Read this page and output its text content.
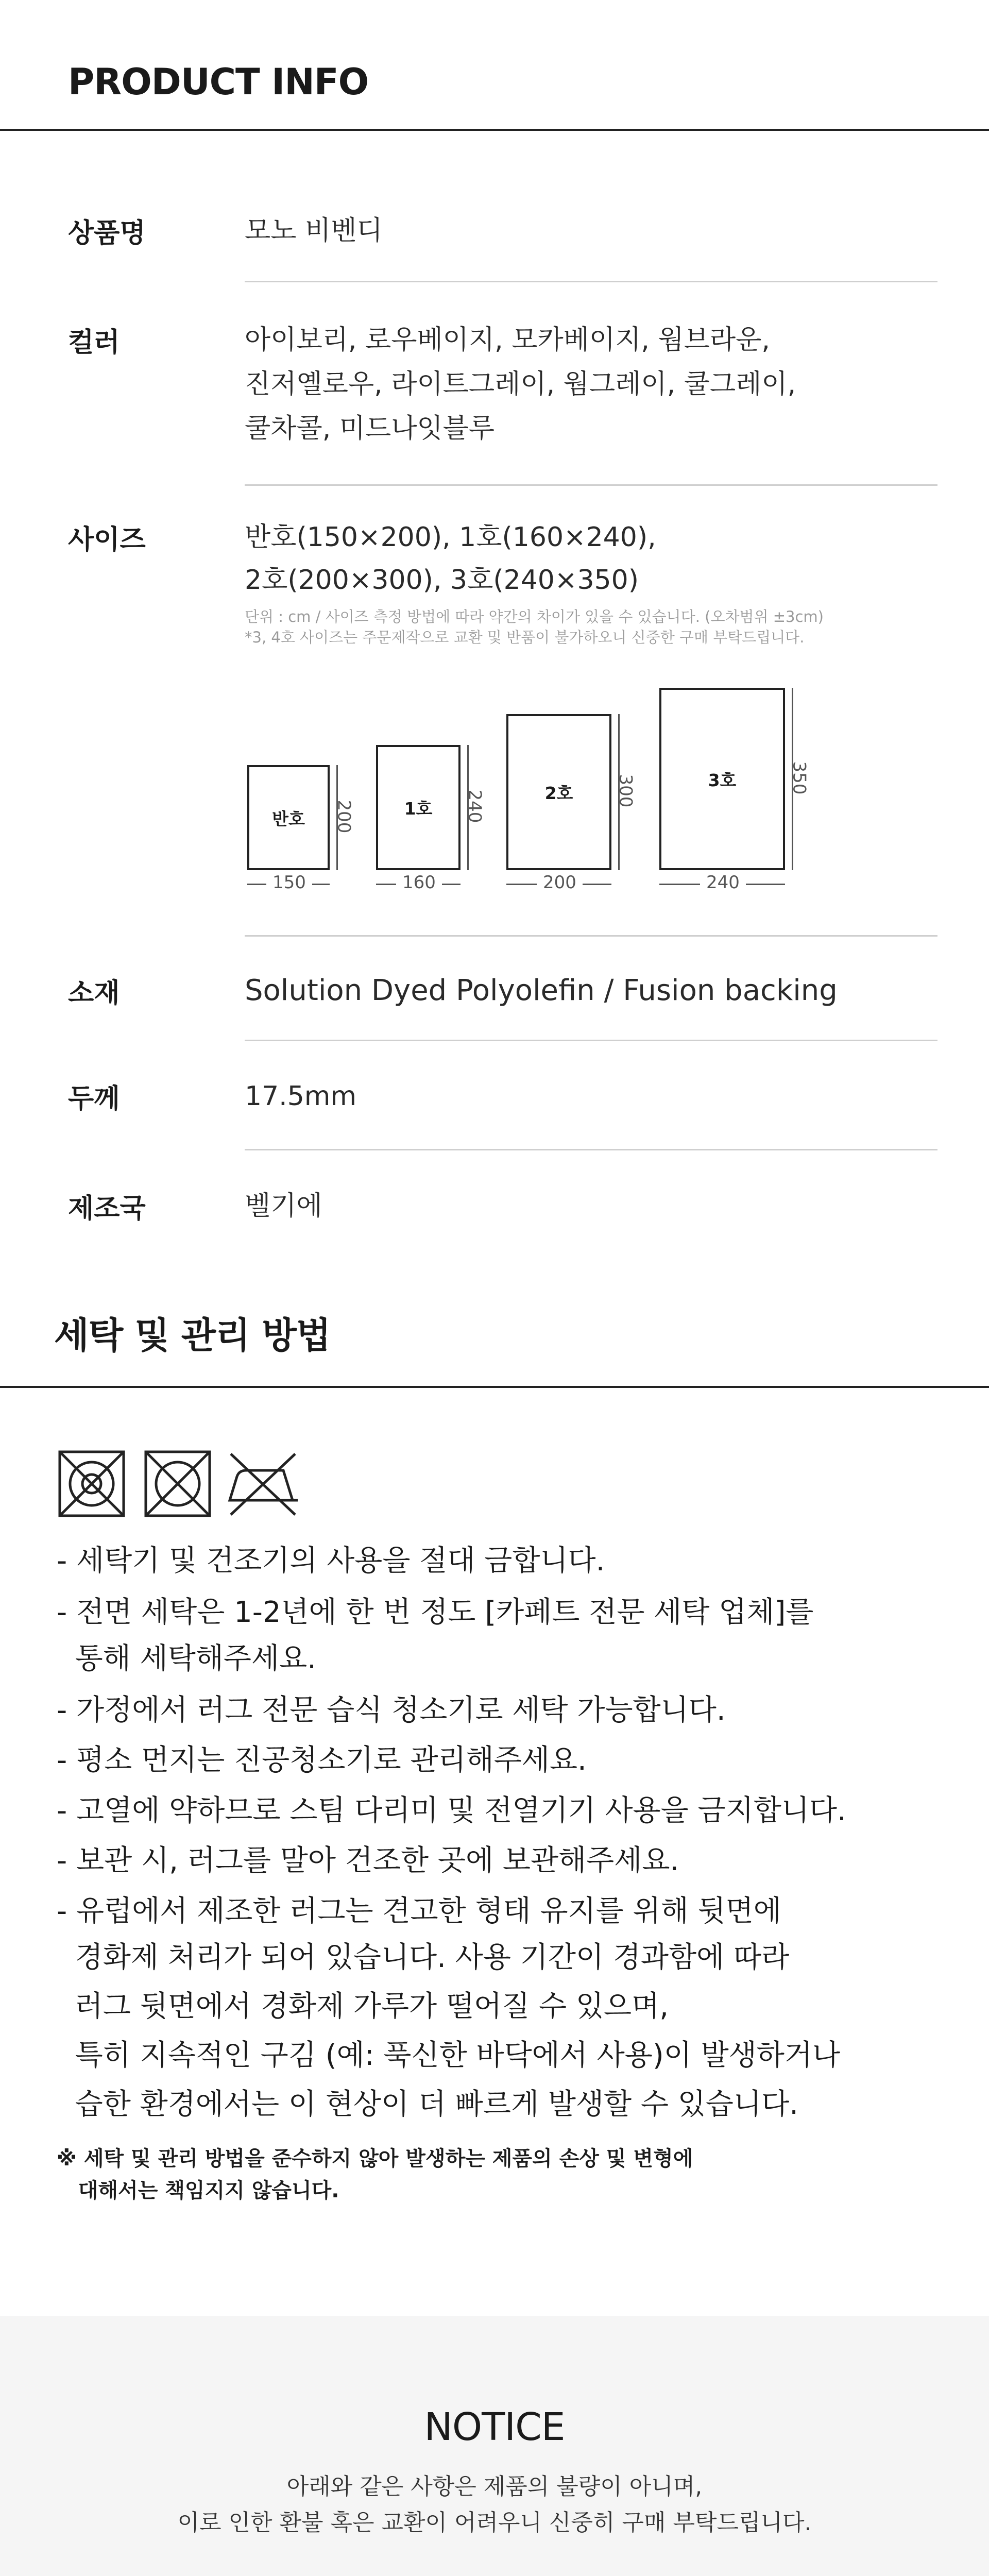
PRODUCT INFO
상품명	모노 비벤디
컬러	아이보리, 로우베이지, 모카베이지, 웜브라운,
진저옐로우, 라이트그레이, 웜그레이, 쿨그레이,
쿨차콜, 미드나잇블루
사이즈	반호(150×200), 1호(160×240),
2호(200×300), 3호(240×350)
단위 : cm / 사이즈 측정 방법에 따라 약간의 차이가 있을 수 있습니다. (오차범위 ±3cm)
*3, 4호 사이즈는 주문제작으로 교환 및 반품이 불가하오니 신중한 구매 부탁드립니다.
반호	200
150
1호	240
160
2호	300
200
3호	350
240
소재	Solution Dyed Polyolefin / Fusion backing
두께	17.5mm
제조국	벨기에
세탁 및 관리 방법
- 세탁기 및 건조기의 사용을 절대 금합니다.
- 전면 세탁은 1-2년에 한 번 정도 [카페트 전문 세탁 업체]를
통해 세탁해주세요.
- 가정에서 러그 전문 습식 청소기로 세탁 가능합니다.
- 평소 먼지는 진공청소기로 관리해주세요.
- 고열에 약하므로 스팀 다리미 및 전열기기 사용을 금지합니다.
- 보관 시, 러그를 말아 건조한 곳에 보관해주세요.
- 유럽에서 제조한 러그는 견고한 형태 유지를 위해 뒷면에
경화제 처리가 되어 있습니다. 사용 기간이 경과함에 따라
러그 뒷면에서 경화제 가루가 떨어질 수 있으며,
특히 지속적인 구김 (예: 푹신한 바닥에서 사용)이 발생하거나
습한 환경에서는 이 현상이 더 빠르게 발생할 수 있습니다.
※ 세탁 및 관리 방법을 준수하지 않아 발생하는 제품의 손상 및 변형에
대해서는 책임지지 않습니다.
NOTICE
아래와 같은 사항은 제품의 불량이 아니며,
이로 인한 환불 혹은 교환이 어려우니 신중히 구매 부탁드립니다.
